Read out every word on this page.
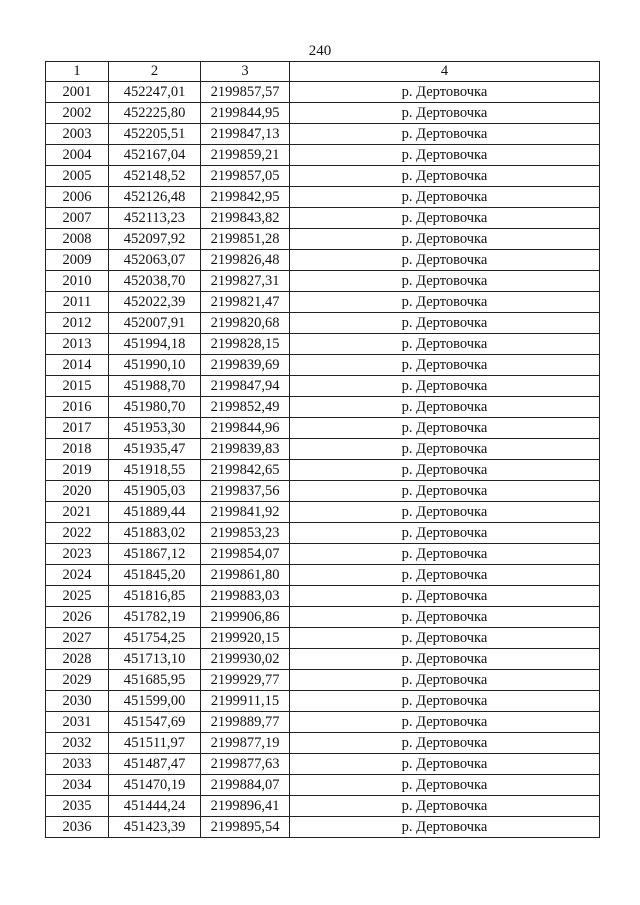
240
1	2	3	4
2001	452247,01	2199857,57	р. Дертовочка
2002	452225,80	2199844,95	р. Дертовочка
2003	452205,51	2199847,13	р. Дертовочка
2004	452167,04	2199859,21	р. Дертовочка
2005	452148,52	2199857,05	р. Дертовочка
2006	452126,48	2199842,95	р. Дертовочка
2007	452113,23	2199843,82	р. Дертовочка
2008	452097,92	2199851,28	р. Дертовочка
2009	452063,07	2199826,48	р. Дертовочка
2010	452038,70	2199827,31	р. Дертовочка
2011	452022,39	2199821,47	р. Дертовочка
2012	452007,91	2199820,68	р. Дертовочка
2013	451994,18	2199828,15	р. Дертовочка
2014	451990,10	2199839,69	р. Дертовочка
2015	451988,70	2199847,94	р. Дертовочка
2016	451980,70	2199852,49	р. Дертовочка
2017	451953,30	2199844,96	р. Дертовочка
2018	451935,47	2199839,83	р. Дертовочка
2019	451918,55	2199842,65	р. Дертовочка
2020	451905,03	2199837,56	р. Дертовочка
2021	451889,44	2199841,92	р. Дертовочка
2022	451883,02	2199853,23	р. Дертовочка
2023	451867,12	2199854,07	р. Дертовочка
2024	451845,20	2199861,80	р. Дертовочка
2025	451816,85	2199883,03	р. Дертовочка
2026	451782,19	2199906,86	р. Дертовочка
2027	451754,25	2199920,15	р. Дертовочка
2028	451713,10	2199930,02	р. Дертовочка
2029	451685,95	2199929,77	р. Дертовочка
2030	451599,00	2199911,15	р. Дертовочка
2031	451547,69	2199889,77	р. Дертовочка
2032	451511,97	2199877,19	р. Дертовочка
2033	451487,47	2199877,63	р. Дертовочка
2034	451470,19	2199884,07	р. Дертовочка
2035	451444,24	2199896,41	р. Дертовочка
2036	451423,39	2199895,54	р. Дертовочка
